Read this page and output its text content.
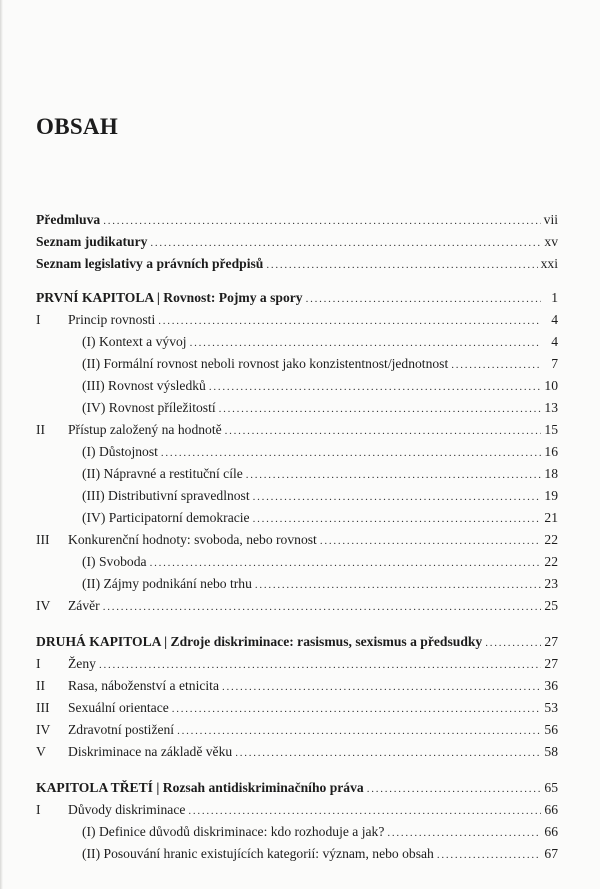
OBSAH
Předmluva . . .	vii
Seznam judikatury . . .	xv
Seznam legislativy a právních předpisů . . .	xxi
PRVNÍ KAPITOLA | Rovnost: Pojmy a spory . . .	1
I	Princip rovnosti . . .	4
(I) Kontext a vývoj . . .	4
(II) Formální rovnost neboli rovnost jako konzistentnost/jednotnost . . .	7
(III) Rovnost výsledků . . .	10
(IV) Rovnost příležitostí . . .	13
II	Přístup založený na hodnotě . . .	15
(I) Důstojnost . . .	16
(II) Nápravné a restituční cíle . . .	18
(III) Distributivní spravedlnost . . .	19
(IV) Participatorní demokracie . . .	21
III	Konkurenční hodnoty: svoboda, nebo rovnost . . .	22
(I) Svoboda . . .	22
(II) Zájmy podnikání nebo trhu . . .	23
IV	Závěr . . .	25
DRUHÁ KAPITOLA | Zdroje diskriminace: rasismus, sexismus a předsudky . . .	27
I	Ženy . . .	27
II	Rasa, náboženství a etnicita . . .	36
III	Sexuální orientace . . .	53
IV	Zdravotní postižení . . .	56
V	Diskriminace na základě věku . . .	58
KAPITOLA TŘETÍ | Rozsah antidiskriminačního práva . . .	65
I	Důvody diskriminace . . .	66
(I) Definice důvodů diskriminace: kdo rozhoduje a jak? . . .	66
(II) Posouvání hranic existujících kategorií: význam, nebo obsah . . .	67
